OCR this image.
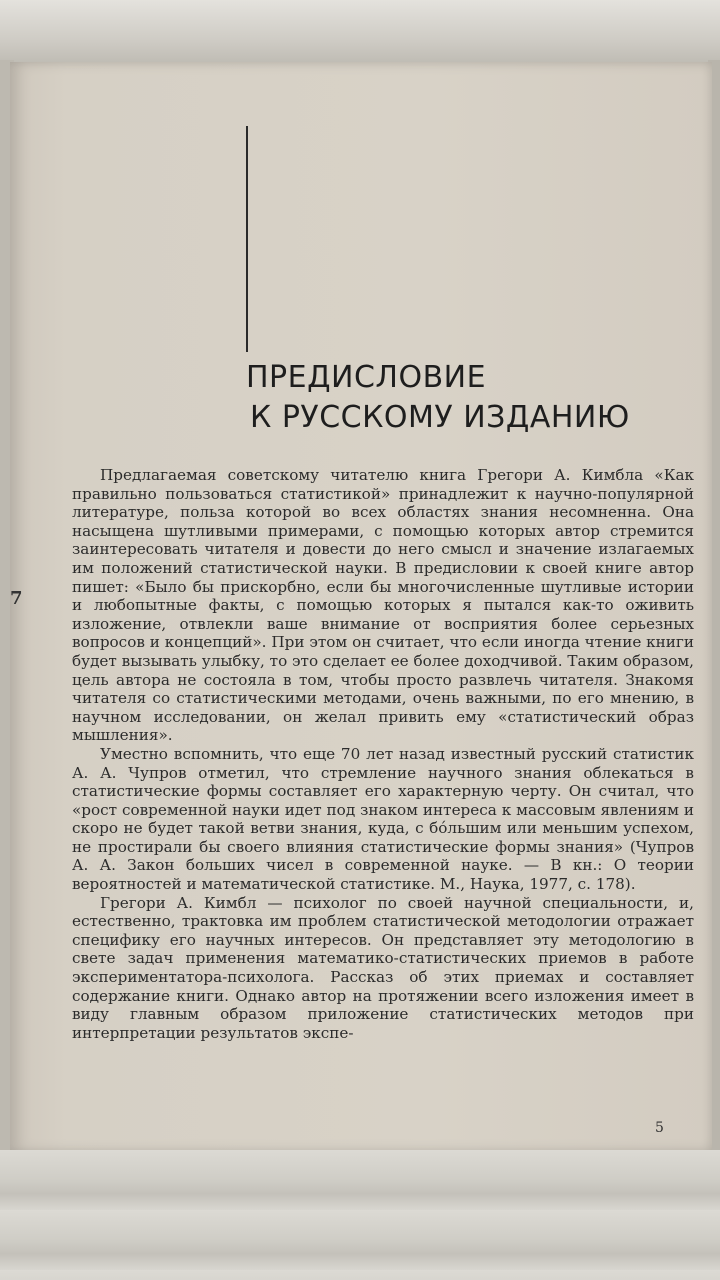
ПРЕДИСЛОВИЕ
К РУССКОМУ ИЗДАНИЮ

Предлагаемая советскому читателю книга Грегори А. Кимбла «Как правильно пользоваться статистикой» принадлежит к научно-популярной литературе, польза которой во всех областях знания несомненна. Она насыщена шутливыми примерами, с помощью которых автор стремится заинтересовать читателя и довести до него смысл и значение излагаемых им положений статистической науки. В предисловии к своей книге автор пишет: «Было бы прискорбно, если бы многочисленные шутливые истории и любопытные факты, с помощью которых я пытался как-то оживить изложение, отвлекли ваше внимание от восприятия более серьезных вопросов и концепций». При этом он считает, что если иногда чтение книги будет вызывать улыбку, то это сделает ее более доходчивой. Таким образом, цель автора не состояла в том, чтобы просто развлечь читателя. Знакомя читателя со статистическими методами, очень важными, по его мнению, в научном исследовании, он желал привить ему «статистический образ мышления».

Уместно вспомнить, что еще 70 лет назад известный русский статистик А. А. Чупров отметил, что стремление научного знания облекаться в статистические формы составляет его характерную черту. Он считал, что «рост современной науки идет под знаком интереса к массовым явлениям и скоро не будет такой ветви знания, куда, с бо́льшим или меньшим успехом, не простирали бы своего влияния статистические формы знания» (Чупров А. А. Закон больших чисел в современной науке. — В кн.: О теории вероятностей и математической статистике. М., Наука, 1977, с. 178).

Грегори А. Кимбл — психолог по своей научной специальности, и, естественно, трактовка им проблем статистической методологии отражает специфику его научных интересов. Он представляет эту методологию в свете задач применения математико-статистических приемов в работе экспериментатора-психолога. Рассказ об этих приемах и составляет содержание книги. Однако автор на протяжении всего изложения имеет в виду главным образом приложение статистических методов при интерпретации результатов экспе-

7
5
